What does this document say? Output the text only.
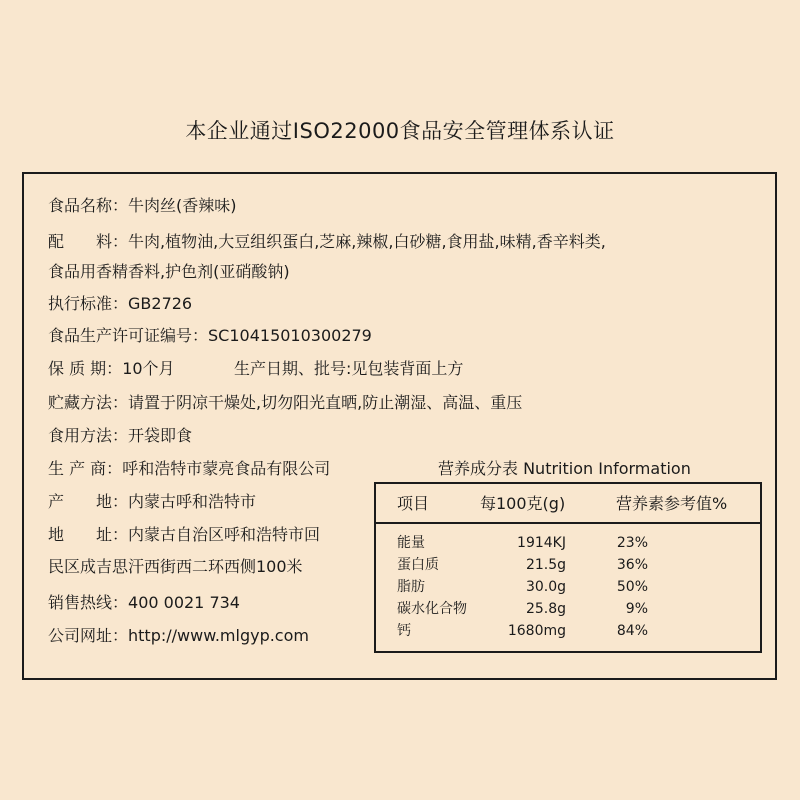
本企业通过ISO22000食品安全管理体系认证
食品名称：牛肉丝(香辣味)
配　　料：牛肉,植物油,大豆组织蛋白,芝麻,辣椒,白砂糖,食用盐,味精,香辛料类,
食品用香精香料,护色剂(亚硝酸钠)
执行标准：GB2726
食品生产许可证编号：SC10415010300279
保 质 期：10个月	生产日期、批号:见包装背面上方
贮藏方法：请置于阴凉干燥处,切勿阳光直晒,防止潮湿、高温、重压
食用方法：开袋即食
生 产 商：呼和浩特市蒙亮食品有限公司
产　　地：内蒙古呼和浩特市
地　　址：内蒙古自治区呼和浩特市回
民区成吉思汗西街西二环西侧100米
销售热线：400 0021 734
公司网址：http://www.mlgyp.com
营养成分表 Nutrition Information
项目	每100克(g)	营养素参考值%
能量	1914KJ	23%
蛋白质	21.5g	36%
脂肪	30.0g	50%
碳水化合物	25.8g	9%
钙	1680mg	84%
